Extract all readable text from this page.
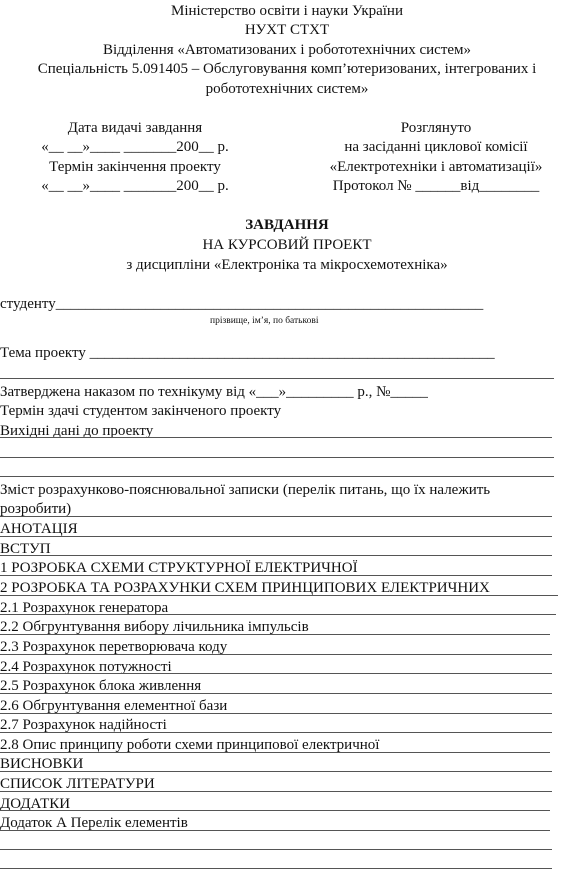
Міністерство освіти і науки України
НУХТ СТХТ
Відділення «Автоматизованих і робототехнічних систем»
Спеціальність 5.091405 – Обслуговування комп’ютеризованих, інтегрованих і
робототехнічних систем»
Дата видачі завдання
«__ __»____ _______200__ р.
Термін закінчення проекту
«__ __»____ _______200__ р.
Розглянуто
на засіданні циклової комісії
«Електротехніки і автоматизації»
Протокол № ______від________
ЗАВДАННЯ
НА КУРСОВИЙ ПРОЕКТ
з дисципліни «Електроніка та мікросхемотехніка»
студенту_________________________________________________________
прізвище, ім’я, по батькові
Тема проекту ______________________________________________________
Затверджена наказом по технікуму від «___»_________ р., №_____
Термін здачі студентом закінченого проекту
Вихідні дані до проекту
Зміст розрахунково-пояснювальної записки (перелік питань, що їх належить
розробити)
АНОТАЦІЯ
ВСТУП
1 РОЗРОБКА СХЕМИ СТРУКТУРНОЇ ЕЛЕКТРИЧНОЇ
2 РОЗРОБКА ТА РОЗРАХУНКИ СХЕМ ПРИНЦИПОВИХ ЕЛЕКТРИЧНИХ
2.1 Розрахунок генератора
2.2 Обгрунтування вибору лічильника імпульсів
2.3 Розрахунок перетворювача коду
2.4 Розрахунок потужності
2.5 Розрахунок блока живлення
2.6 Обгрунтування елементної бази
2.7 Розрахунок надійності
2.8 Опис принципу роботи схеми принципової електричної
ВИСНОВКИ
СПИСОК ЛІТЕРАТУРИ
ДОДАТКИ
Додаток А Перелік елементів
